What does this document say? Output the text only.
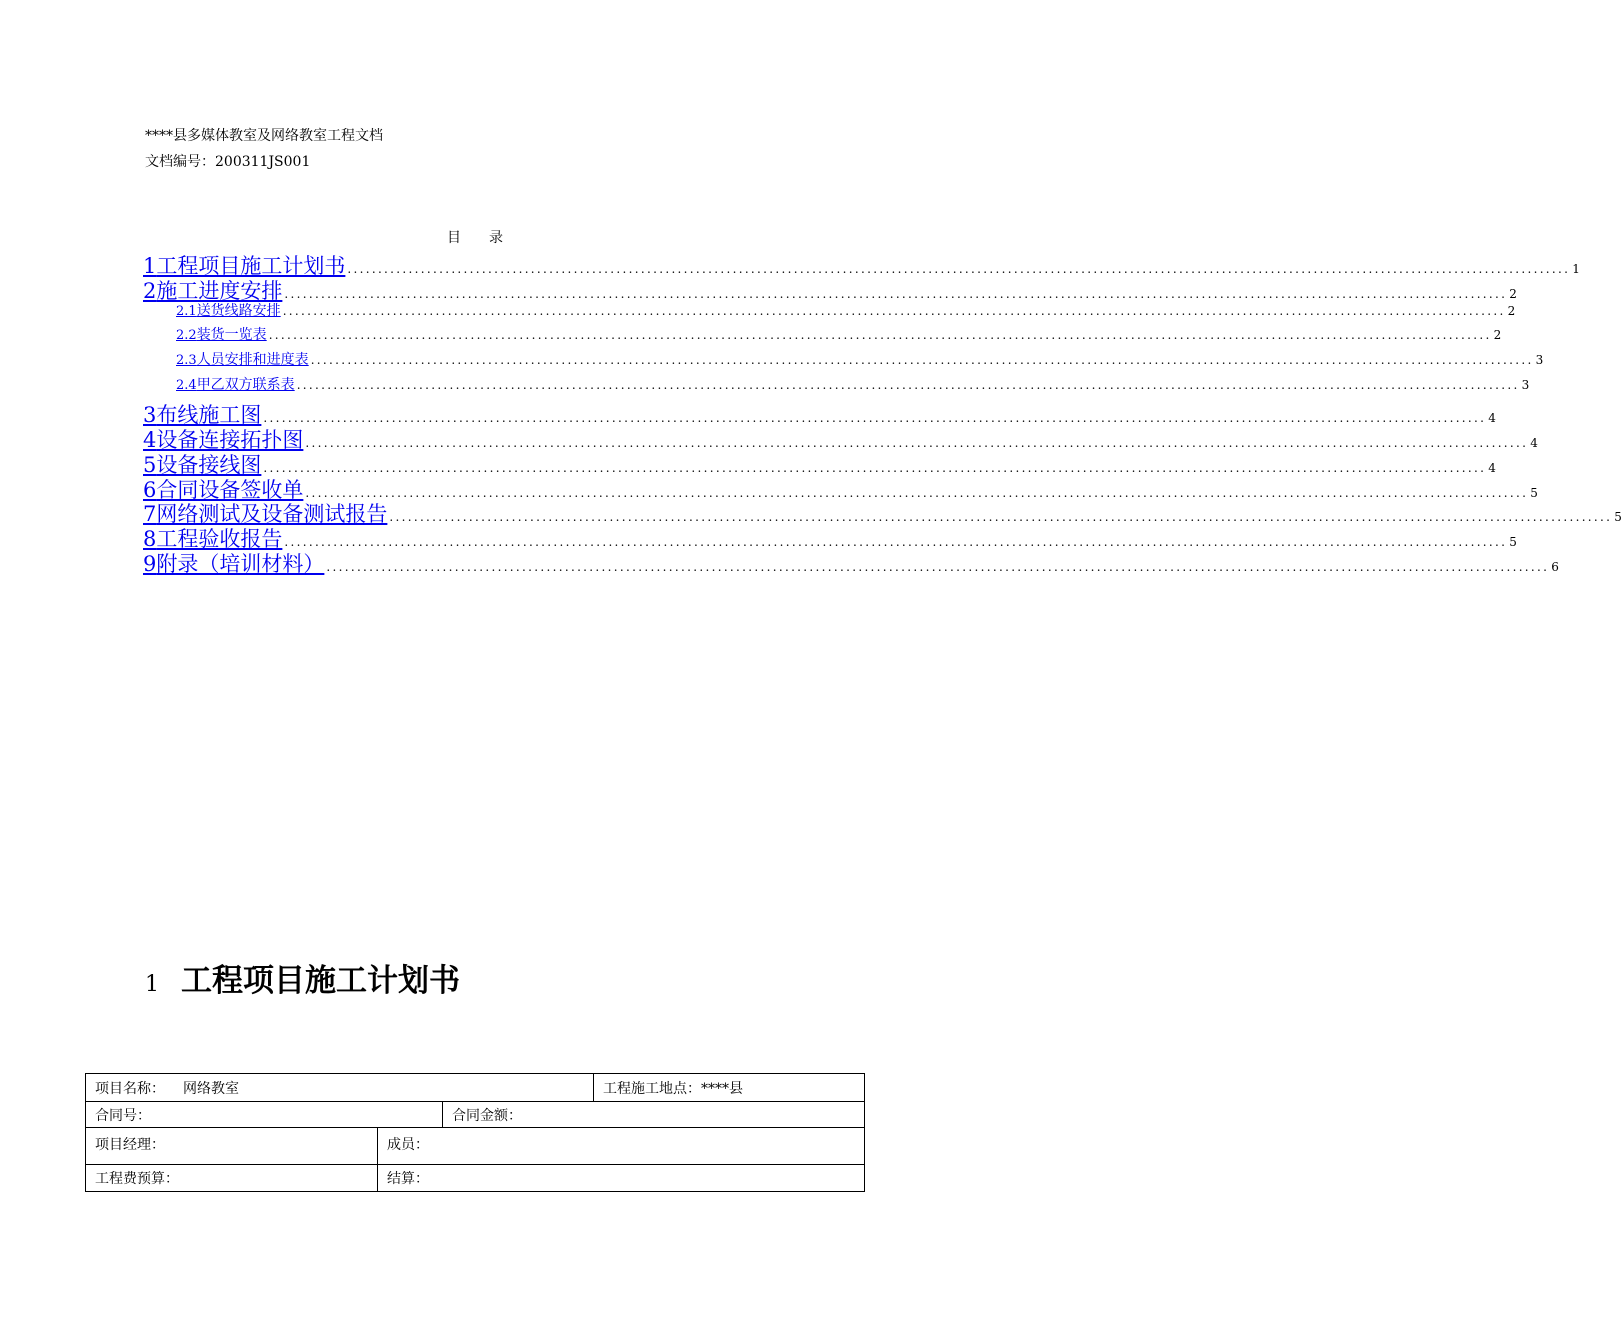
****县多媒体教室及网络教室工程文档
文档编号：200311JS001
目　　录
1 工程项目施工计划书 ........................................................................................................................................................................................................ 1
2 施工进度安排 ........................................................................................................................................................................................................ 2
2.1 送货线路安排 ........................................................................................................................................................................................................ 2
2.2 装货一览表 ........................................................................................................................................................................................................ 2
2.3 人员安排和进度表 ........................................................................................................................................................................................................ 3
2.4 甲乙双方联系表 ........................................................................................................................................................................................................ 3
3 布线施工图 ........................................................................................................................................................................................................ 4
4 设备连接拓扑图 ........................................................................................................................................................................................................ 4
5 设备接线图 ........................................................................................................................................................................................................ 4
6 合同设备签收单 ........................................................................................................................................................................................................ 5
7 网络测试及设备测试报告 ........................................................................................................................................................................................................ 5
8 工程验收报告 ........................................................................................................................................................................................................ 5
9 附录（培训材料） ........................................................................................................................................................................................................ 6
1 工程项目施工计划书
项目名称： 网络教室	工程施工地点：****县
合同号：	合同金额：
项目经理：	成员：
工程费预算：	结算：
